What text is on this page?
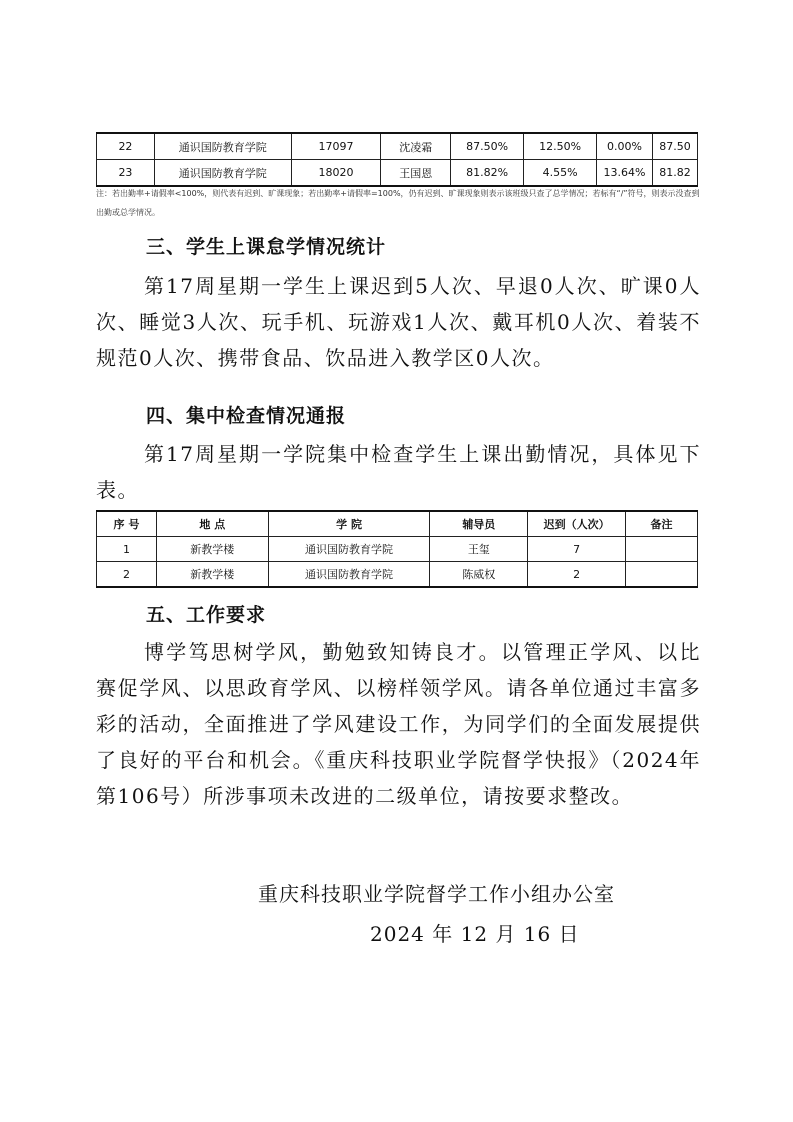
22	通识国防教育学院	17097	沈凌霜	87.50%	12.50%	0.00%	87.50
23	通识国防教育学院	18020	王国恩	81.82%	4.55%	13.64%	81.82
注：若出勤率+请假率<100%，则代表有迟到、旷课现象；若出勤率+请假率=100%，仍有迟到、旷课现象则表示该班级只查了总学情况；若标有“/”符号，则表示没查到出勤或总学情况。
三、学生上课怠学情况统计

第17周星期一学生上课迟到5人次、早退0人次、旷课0人次、睡觉3人次、玩手机、玩游戏1人次、戴耳机0人次、着装不规范0人次、携带食品、饮品进入教学区0人次。

四、集中检查情况通报

第17周星期一学院集中检查学生上课出勤情况，具体见下表。

序 号	地 点	学 院	辅导员	迟到（人次）	备注
1	新教学楼	通识国防教育学院	王玺	7	
2	新教学楼	通识国防教育学院	陈威权	2	
五、工作要求

博学笃思树学风，勤勉致知铸良才。以管理正学风、以比赛促学风、以思政育学风、以榜样领学风。请各单位通过丰富多彩的活动，全面推进了学风建设工作，为同学们的全面发展提供了良好的平台和机会。《重庆科技职业学院督学快报》（2024年第106号）所涉事项未改进的二级单位，请按要求整改。

重庆科技职业学院督学工作小组办公室
2024 年 12 月 16 日
